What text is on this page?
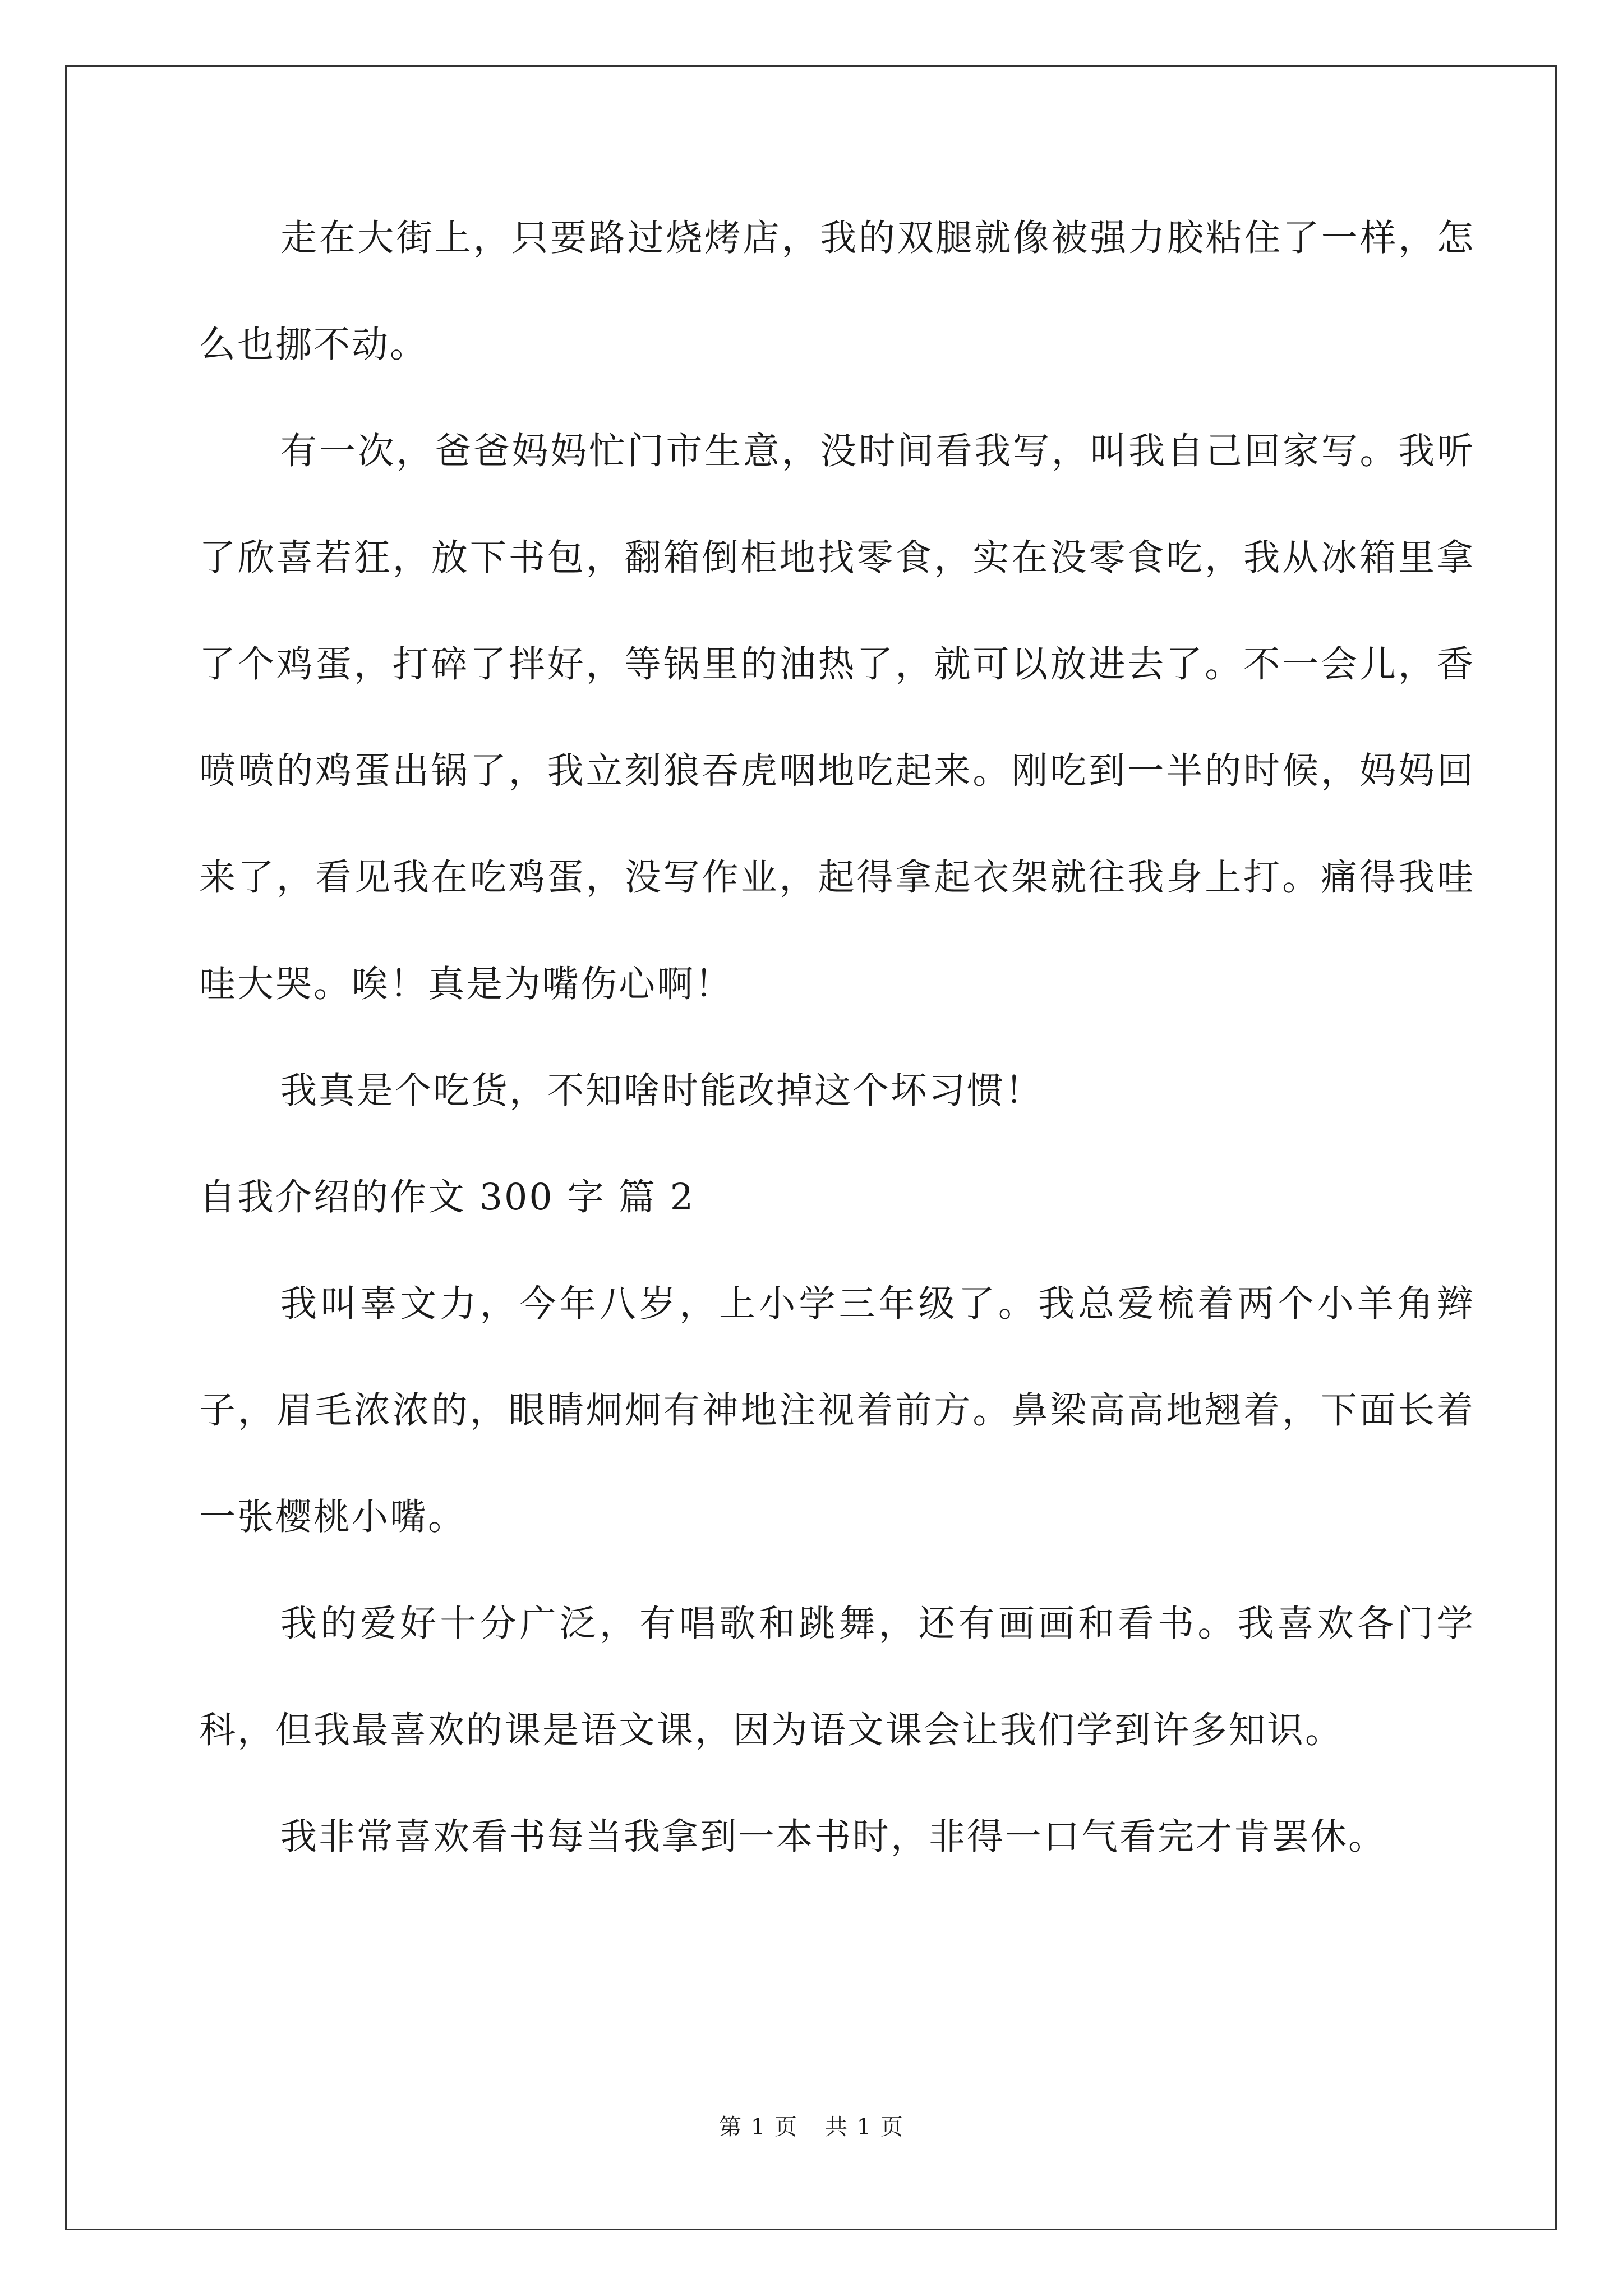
走在大街上，只要路过烧烤店，我的双腿就像被强力胶粘住了一样，怎么也挪不动。

有一次，爸爸妈妈忙门市生意，没时间看我写，叫我自己回家写。我听了欣喜若狂，放下书包，翻箱倒柜地找零食，实在没零食吃，我从冰箱里拿了个鸡蛋，打碎了拌好，等锅里的油热了，就可以放进去了。不一会儿，香喷喷的鸡蛋出锅了，我立刻狼吞虎咽地吃起来。刚吃到一半的时候，妈妈回来了，看见我在吃鸡蛋，没写作业，起得拿起衣架就往我身上打。痛得我哇哇大哭。唉！真是为嘴伤心啊！

我真是个吃货，不知啥时能改掉这个坏习惯！

自我介绍的作文 300 字 篇 2

我叫辜文力，今年八岁，上小学三年级了。我总爱梳着两个小羊角辫子，眉毛浓浓的，眼睛炯炯有神地注视着前方。鼻梁高高地翘着，下面长着一张樱桃小嘴。

我的爱好十分广泛，有唱歌和跳舞，还有画画和看书。我喜欢各门学科，但我最喜欢的课是语文课，因为语文课会让我们学到许多知识。

我非常喜欢看书每当我拿到一本书时，非得一口气看完才肯罢休。

第 1 页 共 1 页
